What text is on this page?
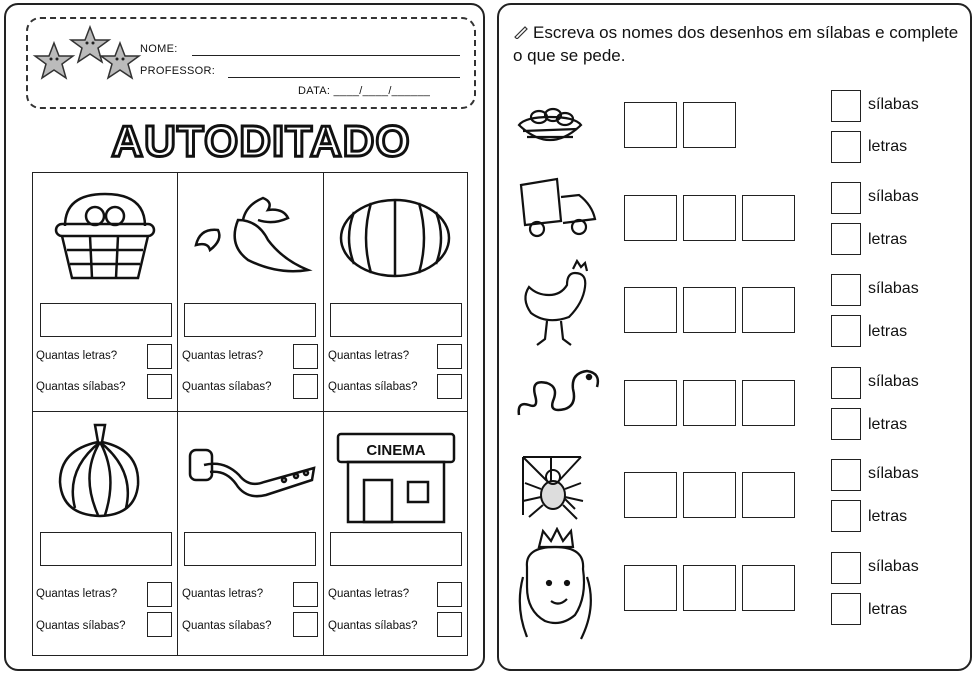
NOME:
PROFESSOR:
DATA: ____/____/______
AUTODITADO
Quantas letras?
Quantas sílabas?
Quantas letras?
Quantas sílabas?
Quantas letras?
Quantas sílabas?
Quantas letras?
Quantas sílabas?
Quantas letras?
Quantas sílabas?
CINEMA
Quantas letras?
Quantas sílabas?
Escreva os nomes dos desenhos em sílabas e complete o que se pede.
sílabas
letras
sílabas
letras
sílabas
letras
sílabas
letras
sílabas
letras
sílabas
letras
